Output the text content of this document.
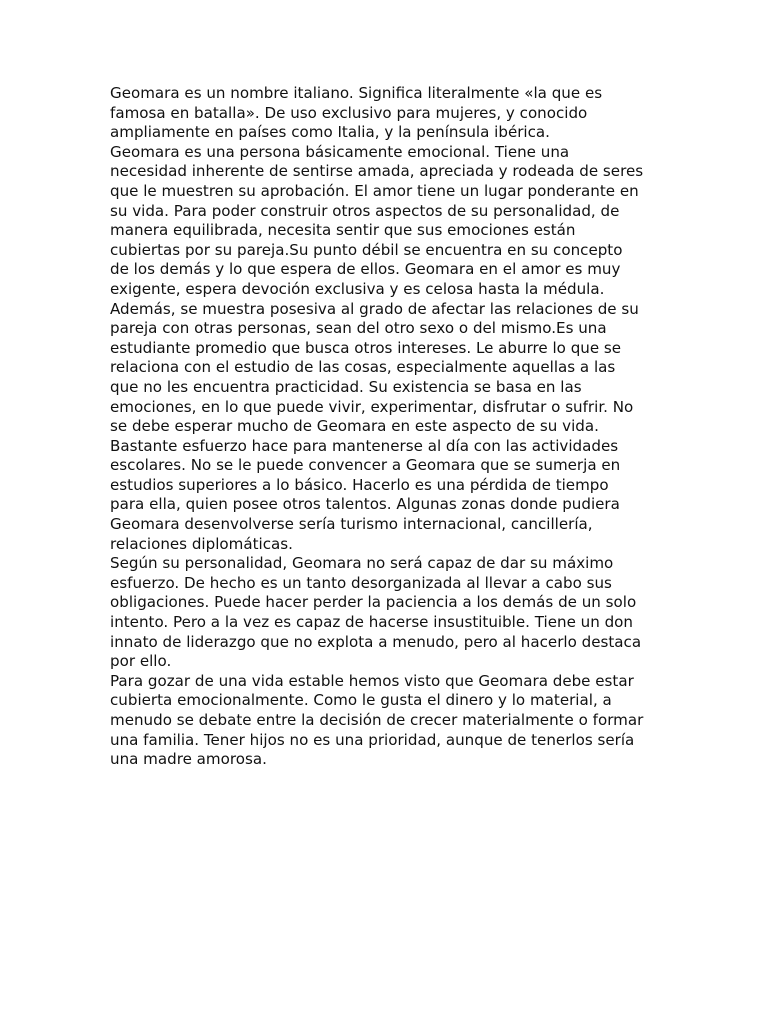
Geomara es un nombre italiano. Significa literalmente «la que es
famosa en batalla». De uso exclusivo para mujeres, y conocido
ampliamente en países como Italia, y la península ibérica.
Geomara es una persona básicamente emocional. Tiene una
necesidad inherente de sentirse amada, apreciada y rodeada de seres
que le muestren su aprobación. El amor tiene un lugar ponderante en
su vida. Para poder construir otros aspectos de su personalidad, de
manera equilibrada, necesita sentir que sus emociones están
cubiertas por su pareja.Su punto débil se encuentra en su concepto
de los demás y lo que espera de ellos. Geomara en el amor es muy
exigente, espera devoción exclusiva y es celosa hasta la médula.
Además, se muestra posesiva al grado de afectar las relaciones de su
pareja con otras personas, sean del otro sexo o del mismo.Es una
estudiante promedio que busca otros intereses. Le aburre lo que se
relaciona con el estudio de las cosas, especialmente aquellas a las
que no les encuentra practicidad. Su existencia se basa en las
emociones, en lo que puede vivir, experimentar, disfrutar o sufrir. No
se debe esperar mucho de Geomara en este aspecto de su vida.
Bastante esfuerzo hace para mantenerse al día con las actividades
escolares. No se le puede convencer a Geomara que se sumerja en
estudios superiores a lo básico. Hacerlo es una pérdida de tiempo
para ella, quien posee otros talentos. Algunas zonas donde pudiera
Geomara desenvolverse sería turismo internacional, cancillería,
relaciones diplomáticas.
Según su personalidad, Geomara no será capaz de dar su máximo
esfuerzo. De hecho es un tanto desorganizada al llevar a cabo sus
obligaciones. Puede hacer perder la paciencia a los demás de un solo
intento. Pero a la vez es capaz de hacerse insustituible. Tiene un don
innato de liderazgo que no explota a menudo, pero al hacerlo destaca
por ello.
Para gozar de una vida estable hemos visto que Geomara debe estar
cubierta emocionalmente. Como le gusta el dinero y lo material, a
menudo se debate entre la decisión de crecer materialmente o formar
una familia. Tener hijos no es una prioridad, aunque de tenerlos sería
una madre amorosa.
